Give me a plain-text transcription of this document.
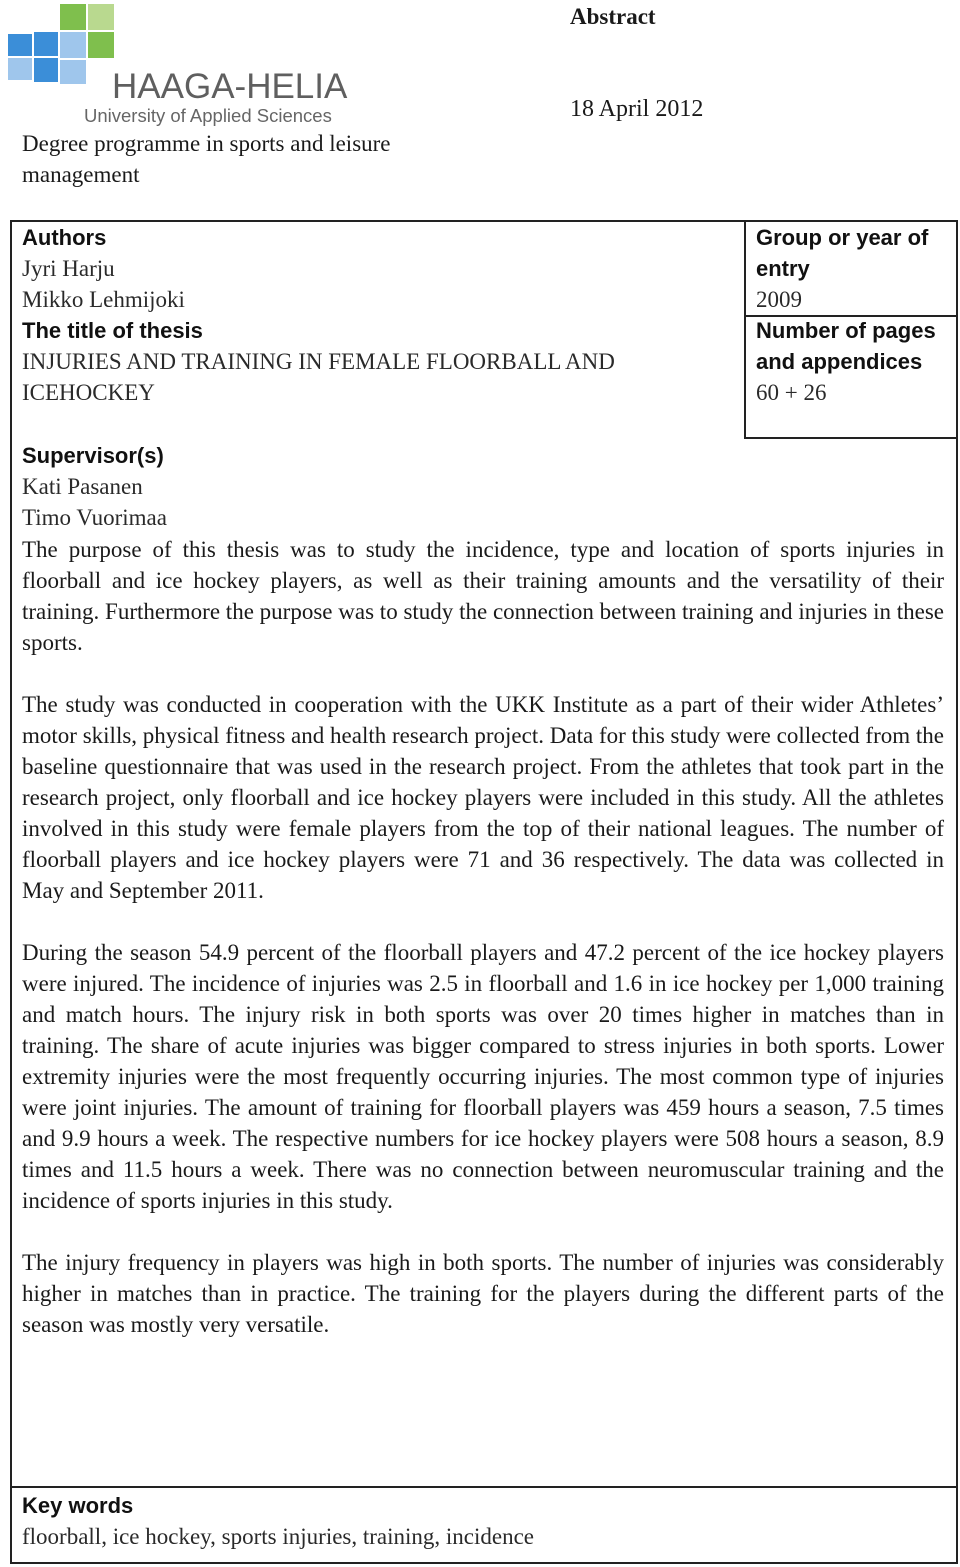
HAAGA-HELIA
University of Applied Sciences
Abstract
18 April 2012
Degree programme in sports and leisure management
Authors
Jyri Harju
Mikko Lehmijoki
Group or year of entry
2009
The title of thesis
INJURIES AND TRAINING IN FEMALE FLOORBALL AND ICEHOCKEY
Number of pages and appendices
60 + 26
Supervisor(s)
Kati Pasanen
Timo Vuorimaa

The purpose of this thesis was to study the incidence, type and location of sports injuries in floorball and ice hockey players, as well as their training amounts and the versatility of their training. Furthermore the purpose was to study the connection between training and injuries in these sports.

The study was conducted in cooperation with the UKK Institute as a part of their wider Athletes’ motor skills, physical fitness and health research project. Data for this study were collected from the baseline questionnaire that was used in the research project. From the athletes that took part in the research project, only floorball and ice hockey players were included in this study. All the athletes involved in this study were female players from the top of their national leagues. The number of floorball players and ice hockey players were 71 and 36 respectively. The data was collected in May and September 2011.

During the season 54.9 percent of the floorball players and 47.2 percent of the ice hockey players were injured. The incidence of injuries was 2.5 in floorball and 1.6 in ice hockey per 1,000 training and match hours. The injury risk in both sports was over 20 times higher in matches than in training. The share of acute injuries was bigger compared to stress injuries in both sports. Lower extremity injuries were the most frequently occurring injuries. The most common type of injuries were joint injuries. The amount of training for floorball players was 459 hours a season, 7.5 times and 9.9 hours a week. The respective numbers for ice hockey players were 508 hours a season, 8.9 times and 11.5 hours a week. There was no connection between neuromuscular training and the incidence of sports injuries in this study.

The injury frequency in players was high in both sports. The number of injuries was considerably higher in matches than in practice. The training for the players during the different parts of the season was mostly very versatile.

Key words
floorball, ice hockey, sports injuries, training, incidence
